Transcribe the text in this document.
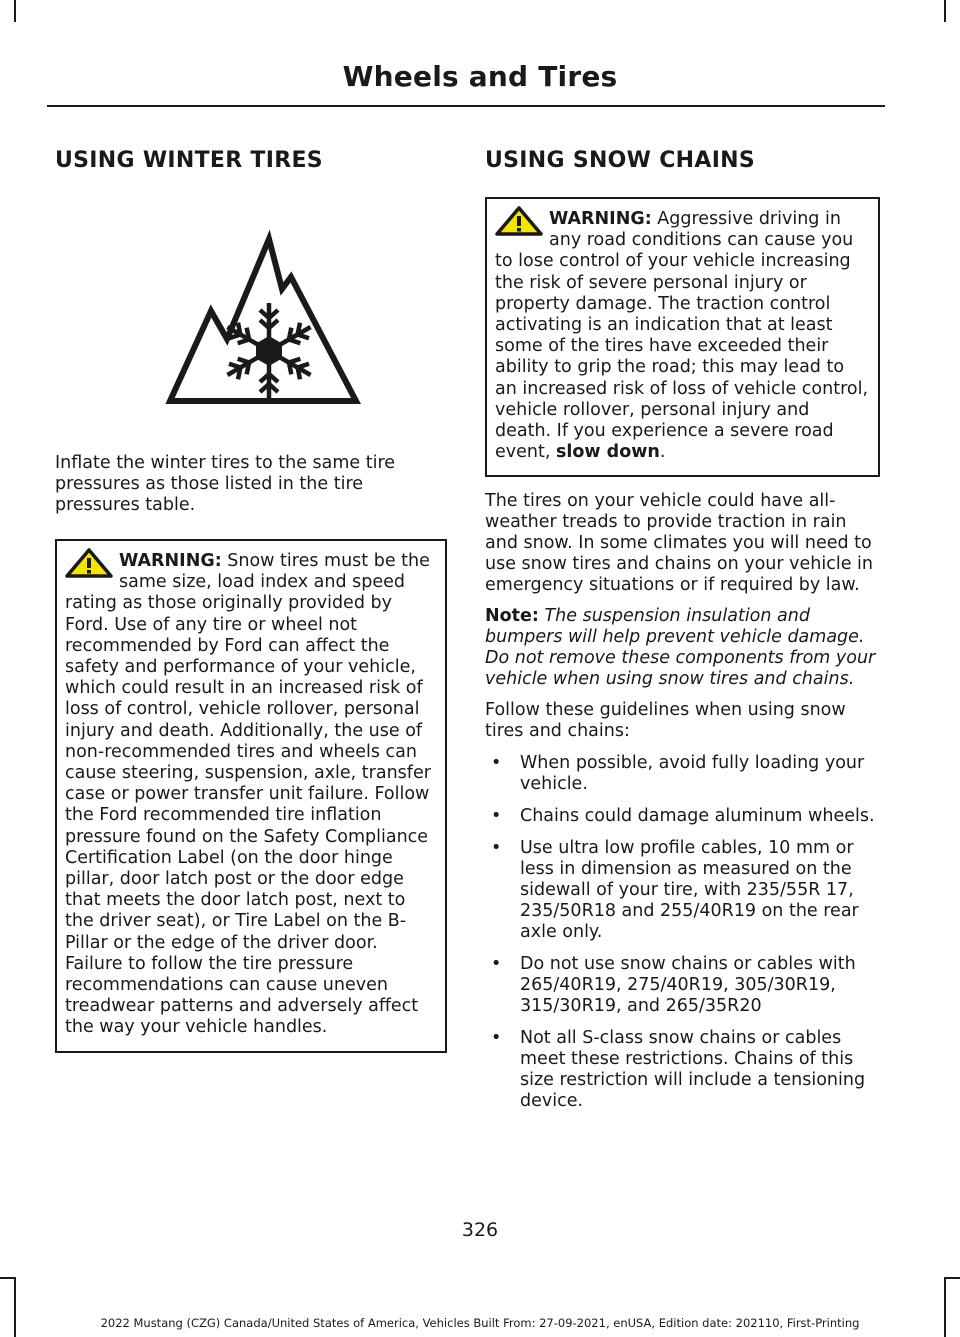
Wheels and Tires
USING WINTER TIRES

Inflate the winter tires to the same tire pressures as those listed in the tire pressures table.

WARNING: Snow tires must be the same size, load index and speed rating as those originally provided by Ford. Use of any tire or wheel not recommended by Ford can affect the safety and performance of your vehicle, which could result in an increased risk of loss of control, vehicle rollover, personal injury and death. Additionally, the use of non-recommended tires and wheels can cause steering, suspension, axle, transfer case or power transfer unit failure. Follow the Ford recommended tire inflation pressure found on the Safety Compliance Certification Label (on the door hinge pillar, door latch post or the door edge that meets the door latch post, next to the driver seat), or Tire Label on the B-Pillar or the edge of the driver door. Failure to follow the tire pressure recommendations can cause uneven treadwear patterns and adversely affect the way your vehicle handles.
USING SNOW CHAINS
WARNING: Aggressive driving in any road conditions can cause you to lose control of your vehicle increasing the risk of severe personal injury or property damage. The traction control activating is an indication that at least some of the tires have exceeded their ability to grip the road; this may lead to an increased risk of loss of vehicle control, vehicle rollover, personal injury and death. If you experience a severe road event, slow down.

The tires on your vehicle could have all-weather treads to provide traction in rain and snow. In some climates you will need to use snow tires and chains on your vehicle in emergency situations or if required by law.

Note: The suspension insulation and bumpers will help prevent vehicle damage. Do not remove these components from your vehicle when using snow tires and chains.

Follow these guidelines when using snow tires and chains:

• When possible, avoid fully loading your vehicle.
• Chains could damage aluminum wheels.
• Use ultra low profile cables, 10 mm or less in dimension as measured on the sidewall of your tire, with 235/55R 17, 235/50R18 and 255/40R19 on the rear axle only.
• Do not use snow chains or cables with 265/40R19, 275/40R19, 305/30R19, 315/30R19, and 265/35R20
• Not all S-class snow chains or cables meet these restrictions. Chains of this size restriction will include a tensioning device.
326
2022 Mustang (CZG) Canada/United States of America, Vehicles Built From: 27-09-2021, enUSA, Edition date: 202110, First-Printing
